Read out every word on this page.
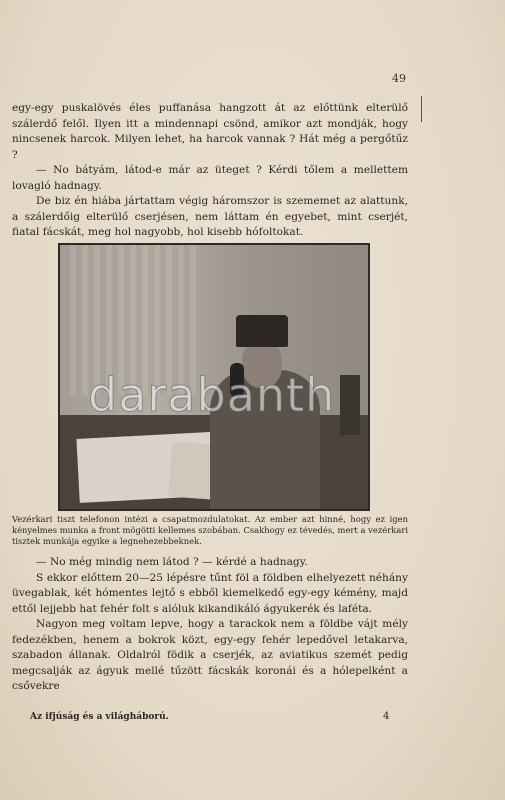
49

egy-egy puskalövés éles puffanása hangzott át az előttünk elterülő szálerdő felől. Ilyen itt a mindennapi csönd, amikor azt mondják, hogy nincsenek harcok. Milyen lehet, ha harcok vannak ? Hát még a pergőtűz ?

— No bátyám, látod-e már az üteget ? Kérdi tőlem a mellettem lovagló hadnagy.

De biz én hiába jártattam végig háromszor is szememet az alattunk, a szálerdőig elterülő cserjésen, nem láttam én egyebet, mint cserjét, fiatal fácskát, meg hol nagyobb, hol kisebb hófoltokat.

darabanth
Vezérkari tiszt telefonon intézi a csapatmozdulatokat. Az ember azt hinné, hogy ez igen kényelmes munka a front mögötti kellemes szobában. Csakhogy ez tévedés, mert a vezérkari tisztek munkája egyike a legnehezebbeknek.

— No még mindig nem látod ? — kérdé a hadnagy.

S ekkor előttem 20—25 lépésre tűnt föl a földben elhelyezett néhány üvegablak, két hómentes lejtő s ebből kiemelkedő egy-egy kémény, majd ettől lejjebb hat fehér folt s alóluk kikandikáló ágyukerék és laféta.

Nagyon meg voltam lepve, hogy a tarackok nem a földbe vájt mély fedezékben, henem a bokrok közt, egy-egy fehér lepedővel letakarva, szabadon állanak. Oldalról födik a cserjék, az aviatikus szemét pedig megcsalják az ágyuk mellé tűzött fácskák koronái és a hólepelként a csővekre

Az ifjúság és a világháború.	4
